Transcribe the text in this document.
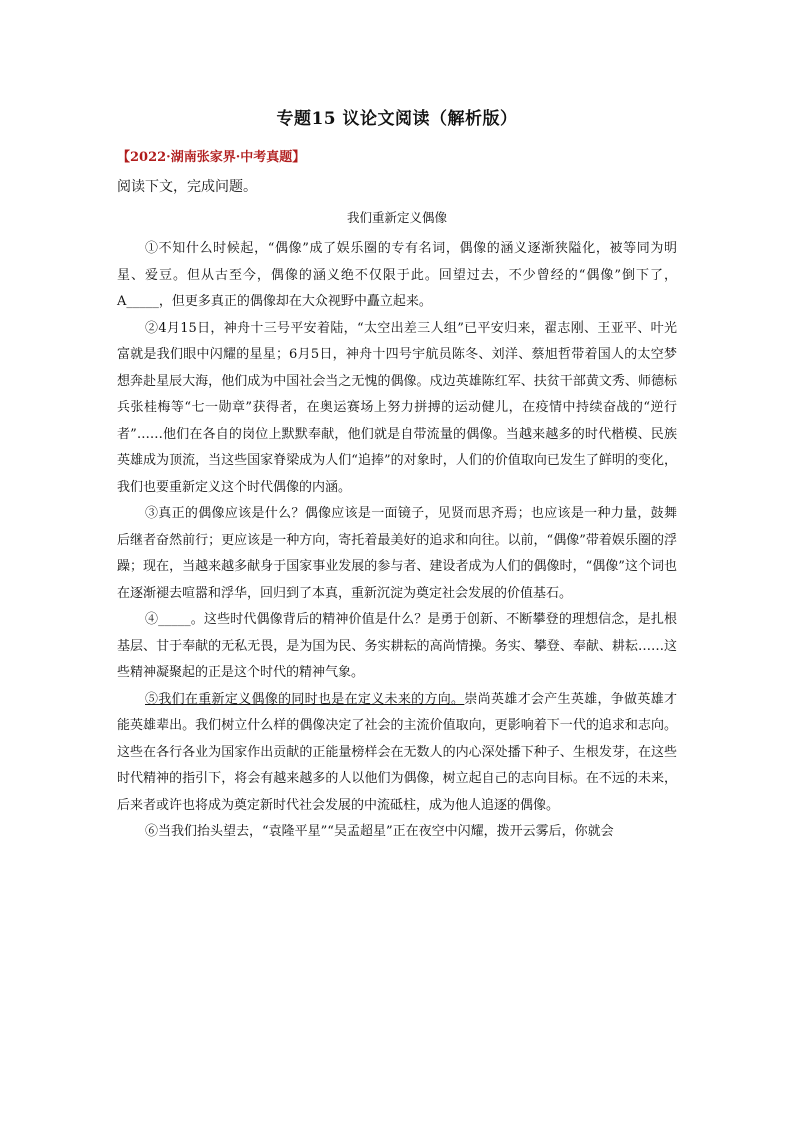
专题15 议论文阅读（解析版）
【2022·湖南张家界·中考真题】
阅读下文，完成问题。
我们重新定义偶像

①不知什么时候起，“偶像”成了娱乐圈的专有名词，偶像的涵义逐渐狭隘化，被等同为明星、爱豆。但从古至今，偶像的涵义绝不仅限于此。回望过去，不少曾经的“偶像”倒下了，A_____，但更多真正的偶像却在大众视野中矗立起来。

②4月15日，神舟十三号平安着陆，“太空出差三人组”已平安归来，翟志刚、王亚平、叶光富就是我们眼中闪耀的星星；6月5日，神舟十四号宇航员陈冬、刘洋、蔡旭哲带着国人的太空梦想奔赴星辰大海，他们成为中国社会当之无愧的偶像。戍边英雄陈红军、扶贫干部黄文秀、师德标兵张桂梅等“七一勋章”获得者，在奥运赛场上努力拼搏的运动健儿，在疫情中持续奋战的“逆行者”……他们在各自的岗位上默默奉献，他们就是自带流量的偶像。当越来越多的时代楷模、民族英雄成为顶流，当这些国家脊梁成为人们“追捧”的对象时，人们的价值取向已发生了鲜明的变化，我们也要重新定义这个时代偶像的内涵。

③真正的偶像应该是什么？偶像应该是一面镜子，见贤而思齐焉；也应该是一种力量，鼓舞后继者奋然前行；更应该是一种方向，寄托着最美好的追求和向往。以前，“偶像”带着娱乐圈的浮躁；现在，当越来越多献身于国家事业发展的参与者、建设者成为人们的偶像时，“偶像”这个词也在逐渐褪去喧嚣和浮华，回归到了本真，重新沉淀为奠定社会发展的价值基石。

④_____。这些时代偶像背后的精神价值是什么？是勇于创新、不断攀登的理想信念，是扎根基层、甘于奉献的无私无畏，是为国为民、务实耕耘的高尚情操。务实、攀登、奉献、耕耘……这些精神凝聚起的正是这个时代的精神气象。

⑤我们在重新定义偶像的同时也是在定义未来的方向。崇尚英雄才会产生英雄，争做英雄才能英雄辈出。我们树立什么样的偶像决定了社会的主流价值取向，更影响着下一代的追求和志向。这些在各行各业为国家作出贡献的正能量榜样会在无数人的内心深处播下种子、生根发芽，在这些时代精神的指引下，将会有越来越多的人以他们为偶像，树立起自己的志向目标。在不远的未来，后来者或许也将成为奠定新时代社会发展的中流砥柱，成为他人追逐的偶像。

⑥当我们抬头望去，“袁隆平星”“吴孟超星”正在夜空中闪耀，拨开云雾后，你就会
